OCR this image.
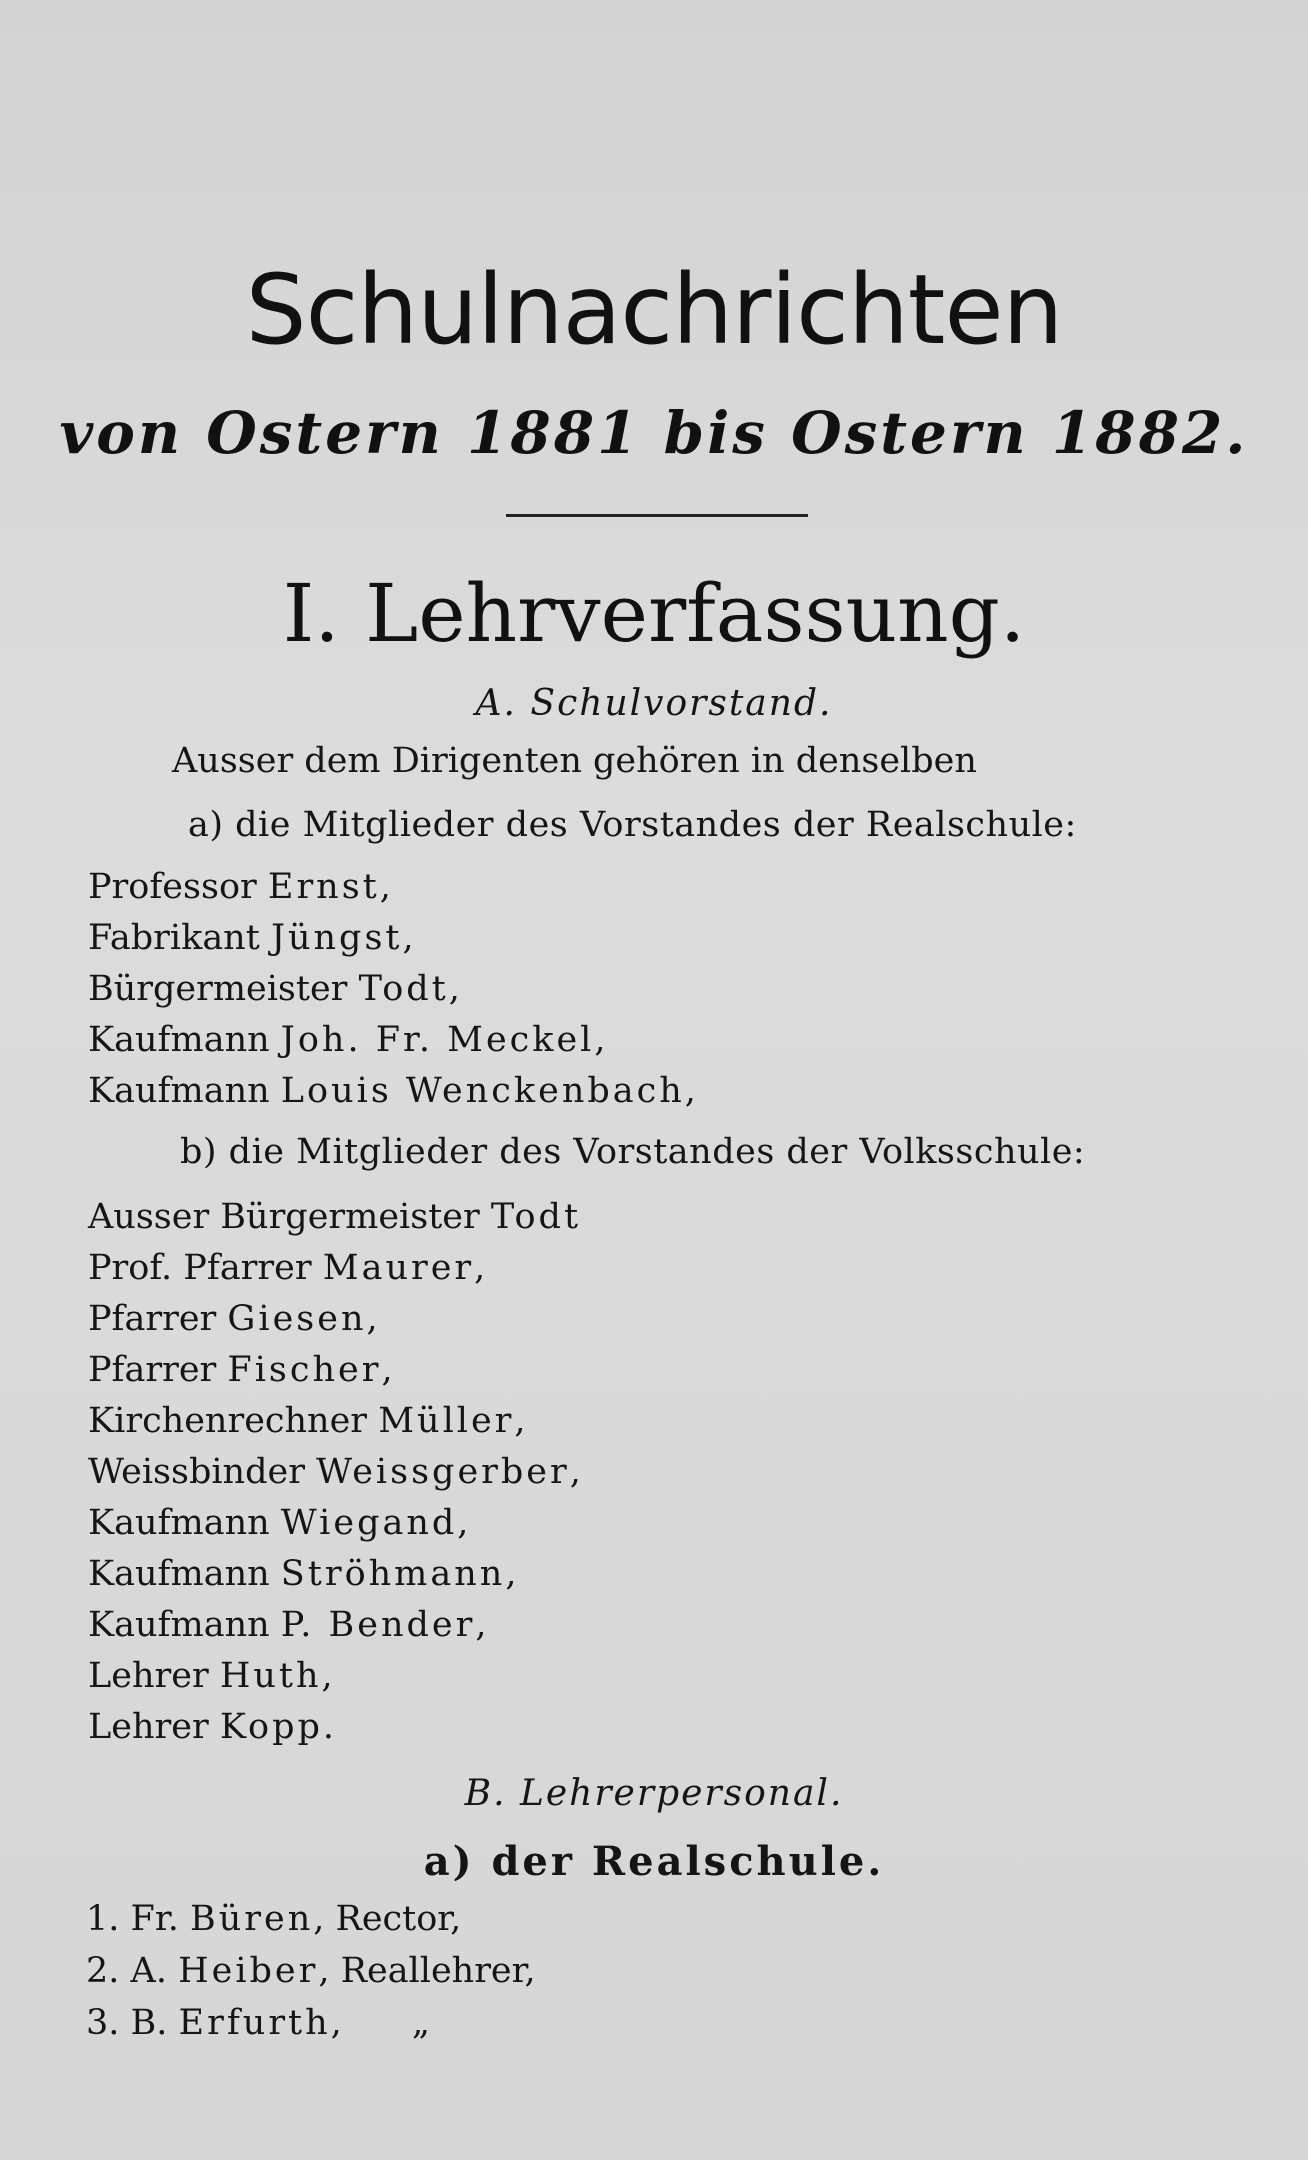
Schulnachrichten
von Ostern 1881 bis Ostern 1882.
I. Lehrverfassung.
A. Schulvorstand.
Ausser dem Dirigenten gehören in denselben
a) die Mitglieder des Vorstandes der Realschule:
Professor Ernst,
Fabrikant Jüngst,
Bürgermeister Todt,
Kaufmann Joh. Fr. Meckel,
Kaufmann Louis Wenckenbach,
b) die Mitglieder des Vorstandes der Volksschule:
Ausser Bürgermeister Todt
Prof. Pfarrer Maurer,
Pfarrer Giesen,
Pfarrer Fischer,
Kirchenrechner Müller,
Weissbinder Weissgerber,
Kaufmann Wiegand,
Kaufmann Ströhmann,
Kaufmann P. Bender,
Lehrer Huth,
Lehrer Kopp.
B. Lehrerpersonal.
a) der Realschule.
1. Fr. Büren, Rector,
2. A. Heiber, Reallehrer,
3. B. Erfurth, „
